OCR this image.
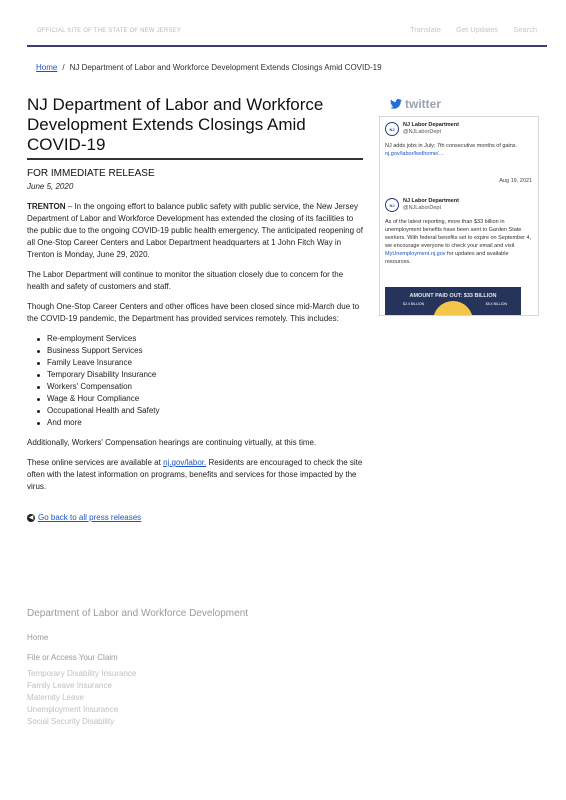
OFFICIAL SITE OF THE STATE OF NEW JERSEY	Translate Get Updates Search
Home / NJ Department of Labor and Workforce Development Extends Closings Amid COVID-19
NJ Department of Labor and Workforce Development Extends Closings Amid COVID-19
FOR IMMEDIATE RELEASE
June 5, 2020

TRENTON – In the ongoing effort to balance public safety with public service, the New Jersey Department of Labor and Workforce Development has extended the closing of its facilities to the public due to the ongoing COVID-19 public health emergency. The anticipated reopening of all One-Stop Career Centers and Labor Department headquarters at 1 John Fitch Way in Trenton is Monday, June 29, 2020.

The Labor Department will continue to monitor the situation closely due to concern for the health and safety of customers and staff.

Though One-Stop Career Centers and other offices have been closed since mid-March due to the COVID-19 pandemic, the Department has provided services remotely. This includes:

Re-employment Services
Business Support Services
Family Leave Insurance
Temporary Disability Insurance
Workers' Compensation
Wage & Hour Compliance
Occupational Health and Safety
And more

Additionally, Workers' Compensation hearings are continuing virtually, at this time.

These online services are available at nj.gov/labor. Residents are encouraged to check the site often with the latest information on programs, benefits and services for those impacted by the virus.

◀ Go back to all press releases
twitter
NJ
NJ Labor Department
@NJLaborDept
NJ adds jobs in July; 7th consecutive months of gains. nj.gov/labor/lwdhome/…
Aug 19, 2021
NJ
NJ Labor Department
@NJLaborDept
As of the latest reporting, more than $33 billion in unemployment benefits have been sent to Garden State workers. With federal benefits set to expire on September 4, we encourage everyone to check your email and visit MyUnemployment.nj.gov for updates and available resources.
AMOUNT PAID OUT: $33 BILLION
$2.4 BILLION	$5.4 BILLION
Department of Labor and Workforce Development
Home
File or Access Your Claim
Temporary Disability Insurance
Family Leave Insurance
Maternity Leave
Unemployment Insurance
Social Security Disability
